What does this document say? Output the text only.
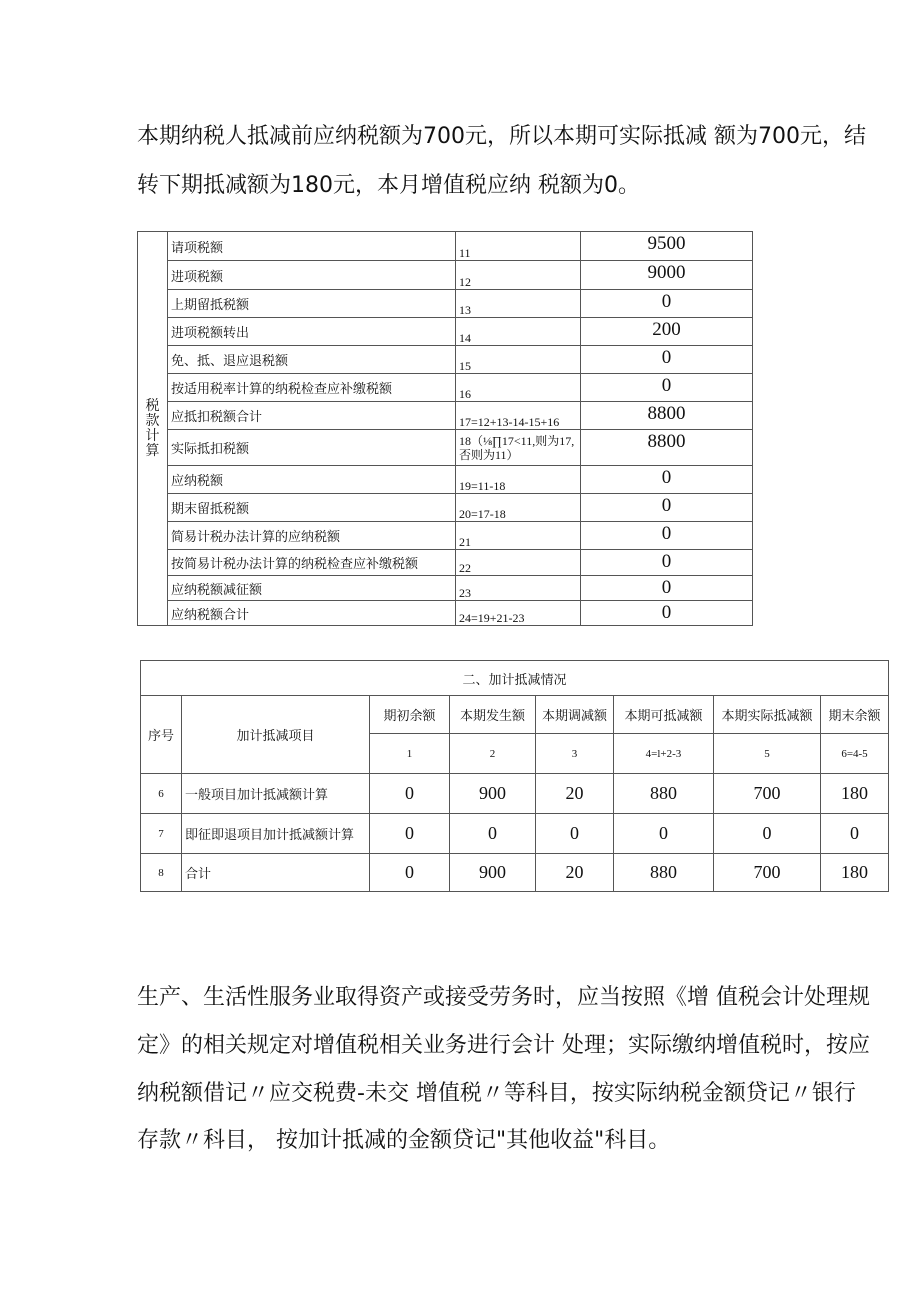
本期纳税人抵减前应纳税额为700元，所以本期可实际抵减 额为700元，结
转下期抵减额为180元，本月增值税应纳 税额为0。
税款计算	请项税额	11	9500
	进项税额	12	9000
	上期留抵税额	13	0
	进项税额转出	14	200
	免、抵、退应退税额	15	0
	按适用税率计算的纳税检查应补缴税额	16	0
	应抵扣税额合计	17=12+13-14-15+16	8800
	实际抵扣税额	18（⅛∏17<11,则为17,否则为11）	8800
	应纳税额	19=11-18	0
	期末留抵税额	20=17-18	0
	简易计税办法计算的应纳税额	21	0
	按简易计税办法计算的纳税检查应补缴税额	22	0
	应纳税额减征额	23	0
	应纳税额合计	24=19+21-23	0
二、加计抵减情况							
序号	加计抵减项目	期初余额	本期发生额	本期调减额	本期可抵减额	本期实际抵减额	期末余额
		1	2	3	4=l+2-3	5	6=4-5
6	一般项目加计抵减额计算	0	900	20	880	700	180
7	即征即退项目加计抵减额计算	0	0	0	0	0	0
8	合计	0	900	20	880	700	180
生产、生活性服务业取得资产或接受劳务时，应当按照《增 值税会计处理规
定》的相关规定对增值税相关业务进行会计 处理；实际缴纳增值税时，按应
纳税额借记〃应交税费-未交 增值税〃等科目，按实际纳税金额贷记〃银行
存款〃科目， 按加计抵减的金额贷记"其他收益"科目。
